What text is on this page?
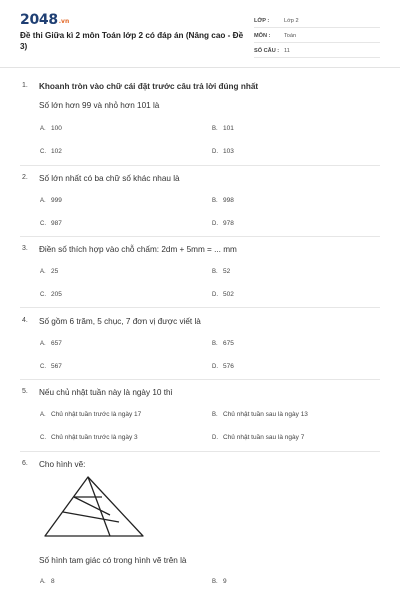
2048.vn
Đề thi Giữa kì 2 môn Toán lớp 2 có đáp án (Nâng cao - Đề 3)
LỚP :	Lớp 2
MÔN : Toán
SỐ CÂU : 11
1. Khoanh tròn vào chữ cái đặt trước câu trả lời đúng nhất
Số lớn hơn 99 và nhỏ hơn 101 là
A. 100	B. 101
C. 102	D. 103
2. Số lớn nhất có ba chữ số khác nhau là
A. 999	B. 998
C. 987	D. 978
3. Điền số thích hợp vào chỗ chấm: 2dm + 5mm = ... mm
A. 25	B. 52
C. 205	D. 502
4. Số gồm 6 trăm, 5 chục, 7 đơn vị được viết là
A. 657	B. 675
C. 567	D. 576
5. Nếu chủ nhật tuần này là ngày 10 thì
A. Chủ nhật tuần trước là ngày 17	B. Chủ nhật tuần sau là ngày 13
C. Chủ nhật tuần trước là ngày 3	D. Chủ nhật tuần sau là ngày 7
6. Cho hình vẽ:
Số hình tam giác có trong hình vẽ trên là
A. 8	B. 9
